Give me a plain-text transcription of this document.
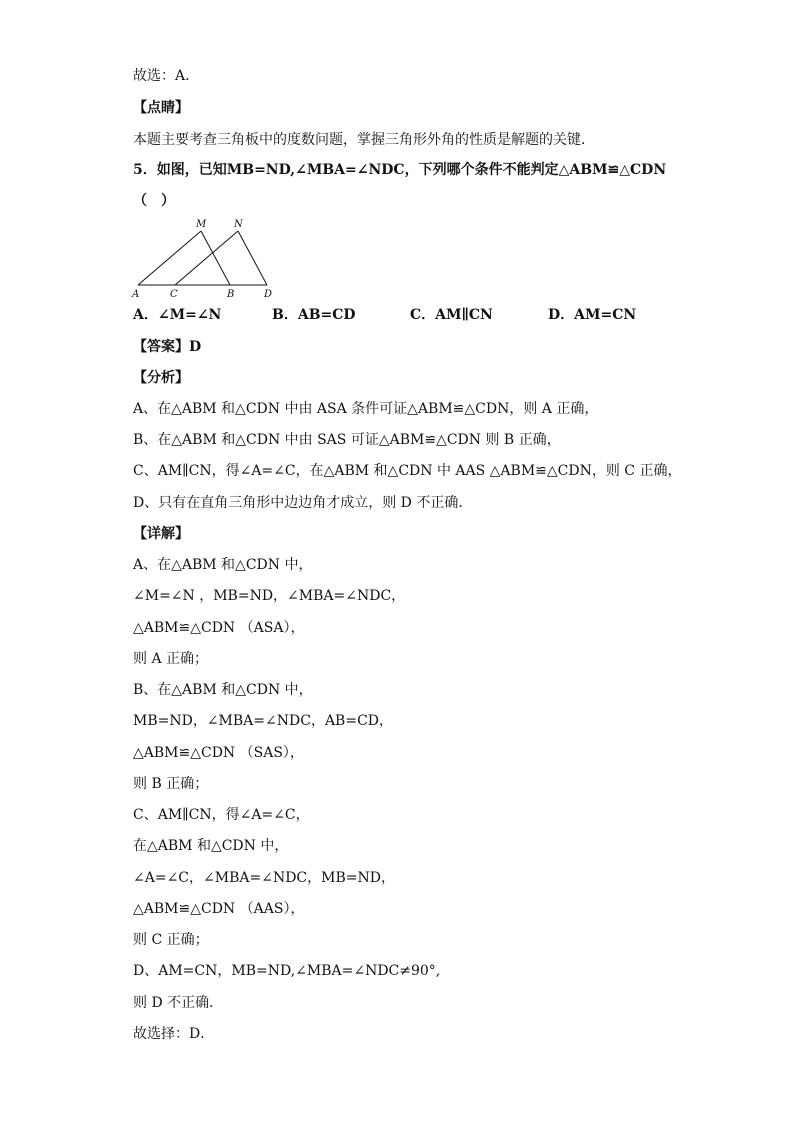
故选：A．
【点睛】
本题主要考查三角板中的度数问题，掌握三角形外角的性质是解题的关键．
5．如图，已知MB=ND,∠MBA=∠NDC，下列哪个条件不能判定△ABM≌△CDN
（　）
【答案】D
【分析】
A、在△ABM 和△CDN 中由 ASA 条件可证△ABM≌△CDN，则 A 正确，
B、在△ABM 和△CDN 中由 SAS 可证△ABM≌△CDN 则 B 正确，
C、AM∥CN，得∠A=∠C，在△ABM 和△CDN 中 AAS △ABM≌△CDN，则 C 正确，
D、只有在直角三角形中边边角才成立，则 D 不正确．
【详解】
A、在△ABM 和△CDN 中，
∠M=∠N ，MB=ND，∠MBA=∠NDC，
△ABM≌△CDN （ASA），
则 A 正确；
B、在△ABM 和△CDN 中，
MB=ND，∠MBA=∠NDC，AB=CD，
△ABM≌△CDN （SAS），
则 B 正确；
C、AM∥CN，得∠A=∠C，
在△ABM 和△CDN 中，
∠A=∠C，∠MBA=∠NDC，MB=ND，
△ABM≌△CDN （AAS），
则 C 正确；
D、AM=CN，MB=ND,∠MBA=∠NDC≠90°,
则 D 不正确．
故选择：D．
A．∠M=∠N	B．AB=CD	C．AM∥CN	D．AM=CN
M	N
A	C	B	D
